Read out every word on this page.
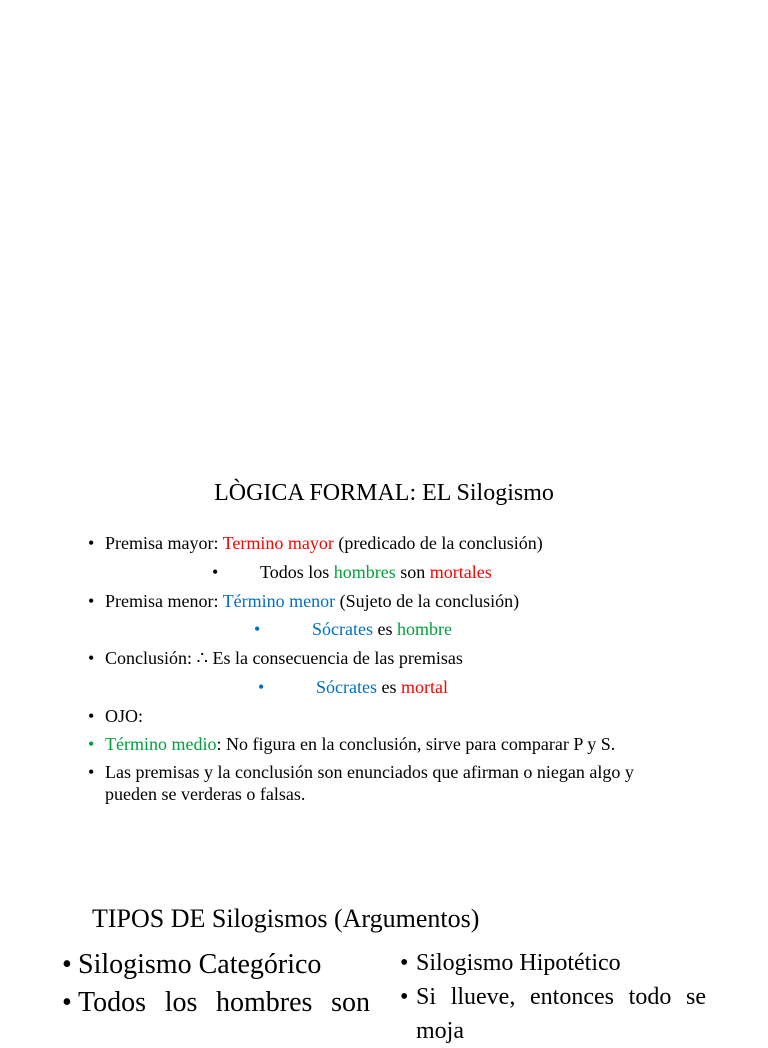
LÒGICA FORMAL: EL Silogismo
• Premisa mayor: Termino mayor (predicado de la conclusión)
• Todos los hombres son mortales
• Premisa menor: Término menor (Sujeto de la conclusión)
•	Sócrates es hombre
• Conclusión: ∴ Es la consecuencia de las premisas
•	Sócrates es mortal
• OJO:
• Término medio: No figura en la conclusión, sirve para comparar P y S.
• Las premisas y la conclusión son enunciados que afirman o niegan algo y pueden se verderas o falsas.
TIPOS DE Silogismos (Argumentos)
• Silogismo Categórico
• Todos los hombres son
• Silogismo Hipotético
• Si llueve, entonces todo se
moja
